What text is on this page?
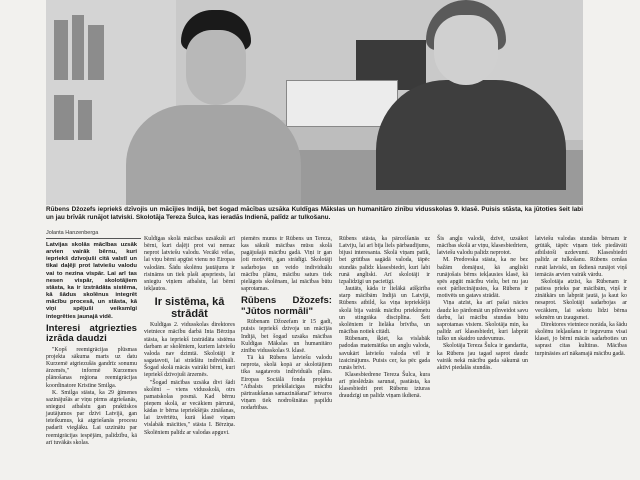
Rūbens Džozefs iepriekš dzīvojis un mācījies Indijā, bet šogad mācības uzsāka Kuldīgas Mākslas un humanitāro zinību vidusskolas 9. klasē. Puisis stāsta, ka jūtoties šeit labi un jau brīvāk runājot latviski. Skolotāja Tereza Šulca, kas ieradās Indienā, palīdz ar tulkošanu.
Jolanta Hanzenberga

Latvijas skolās mācības uzsāk arvien vairāk bērnu, kuri iepriekš dzīvojuši citā valstī un tikai daļēji prot latviešu valodu vai to nezina vispār. Lai arī tas nesen vispār, skolotājiem stāsta, ka ir izstrādāta sistēma, kā šādus skolēnus integrēt mācību procesā, un stāsta, kā viņi spējuši veiksmīgi integrēties jaunajā vidē.

Interesi atgriezties izrāda daudzi

"Kopš reemigrācijas plūsmas projekta sākuma marts uz datu Kurzemē atgriezušās gandrīz sonumu ārzemēs," informē Kurzemes plānošanas reģiona reemigrācijas koordinatore Kristīne Smilga.

K. Smilga stāsta, ka 29 ģimenes sazinājušās ar viņu pirms atgriešanās, sniegusi atbalstu gan praktiskos jautājumos par dzīvi Latvijā, gan ieteikumus, kā atgriešanās procesu padarīt vieglāku. Lai uzzinātu par reemigrācijas iespējām, palīdzību, kā arī tuvākās skolas.

Kuldīgas skolā mācības uzsākuši arī bērni, kuri daļēji prot vai nemaz neprot latviešu valodu. Vecāki vēlas, lai viņu bērni apgūst vienu no Eiropas valodām. Šādu skolēnu jautājums ir risināms un tiek plaši apspriests, lai sniegtu viņiem atbalstu, lai bērni iekļautos.

Ir sistēma, kā strādāt

Kuldīgas 2. vidusskolas direktores vietniece mācību darbā Inta Bērziņa stāsta, ka iepriekš izstrādāta sistēma darbam ar skolēniem, kuriem latviešu valoda nav dzimtā. Skolotāji ir sagatavoti, lai strādātu individuāli. Šogad skolā mācās vairāki bērni, kuri iepriekš dzīvojuši ārzemēs.

"Šogad mācības uzsāka divi šādi skolēni – viens vidusskolā, otrs pamatskolas posmā. Kad bērnu pieņem skolā, ar vecākiem pārrunā, kādas ir bērna iepriekšējās zināšanas, lai izvērtētu, kurā klasē viņam vislabāk mācīties," stāsta I. Bērziņa. Skolēniem palīdz ar valodas apguvi.

piemērs mums ir Rūbens un Tereza, kas sākuši mācības mūsu skolā pagājušajā mācību gadā. Viņi ir gan ļoti motivēti, gan strādīgi. Skolotāji sadarbojas un veido individuālu mācību plānu, mācību saturs tiek pielāgots skolēnam, lai mācības būtu saprotamas.

Rūbens Džozefs: "Jūtos normāli"

Rūbenam Džozefam ir 15 gadi, puisis iepriekš dzīvoja un mācījās Indijā, bet šogad uzsāka mācības Kuldīgas Mākslas un humanitāro zinību vidusskolas 9. klasē.

Tā kā Rūbens latviešu valodu neprota, skolā kopā ar skolotājiem tika sagatavots individuāls plāns. Eiropas Sociālā fonda projekta "Atbalsts priekšlaicīgas mācību pārtraukšanas samazināšanai" ietvaros viņam tiek nodrošinātas papildu nodarbības.

Rūbens stāsta, ka pārcelšanās uz Latviju, lai arī bija liels pārbaudījums, bijusi interesanta. Skolā viņam patīk, bet grūtības sagādā valoda, tāpēc stundās palīdz klasesbiedri, kuri labi runā angliski. Arī skolotāji ir izpalīdzīgi un pacietīgi.

Jautāts, kāda ir lielākā atšķirība starp mācībām Indijā un Latvijā, Rūbens atbild, ka viņa iepriekšējā skolā bija vairāk mācību priekšmetu un stingrāka disciplīna. Šeit skolēniem ir lielāka brīvība, un mācības notiek citādi.

Rūbenam, šķiet, ka vislabāk padodas matemātika un angļu valoda, savukārt latviešu valoda vēl ir izaicinājums. Puisis cer, ka pēc gada runās brīvi.

Klasesbiedrene Tereza Šulca, kura arī pieslēdzās sarunai, pastāsta, ka klasesbiedri pret Rūbenu izturas draudzīgi un palīdz viņam ikdienā.

Šis angļu valodā, dzīvē, uzsākot mācības skolā ar viņu, klasesbiedriem, latviešu valodu palīdz neprotot.

M. Predovska stāsta, ka ne bez bažām domājusi, kā angliski runājošais bērns iekļausies klasē, kā spēs apgūt mācību vielu, bet nu jau esot pārliecinājusies, ka Rūbens ir motivēts un gatavs strādāt.

Viņa atzīst, ka arī pašai nācies daudz ko pārdomāt un pilnveidot savu darbu, lai mācību stundas būtu saprotamas visiem. Skolotāja min, ka palīdz arī klasesbiedri, kuri labprāt tulko un skaidro uzdevumus.

Skolotāja Tereza Šulca ir gandarīta, ka Rūbens jau tagad saprot daudz vairāk nekā mācību gada sākumā un aktīvi piedalās stundās.

latviešu valodas stundās bērnam ir grūtāk, tāpēc viņam tiek piedāvāti atbilstoši uzdevumi. Klasesbiedri palīdz ar tulkošanu. Rūbens cenšas runāt latviski, un ikdienā runājot viņš iemācās arvien vairāk vārdu.

Skolotāja atzīst, ka Rūbenam ir patiess prieks par mācībām, viņš ir zinātkārs un labprāt jautā, ja kaut ko nesaprot. Skolotāji sadarbojas ar vecākiem, lai sekotu līdzi bērna sekmēm un izaugsmei.

Direktores vietniece norāda, ka šādu skolēnu iekļaušana ir ieguvums visai klasei, jo bērni mācās sadarboties un saprast citas kultūras. Mācības turpināsies arī nākamajā mācību gadā.
